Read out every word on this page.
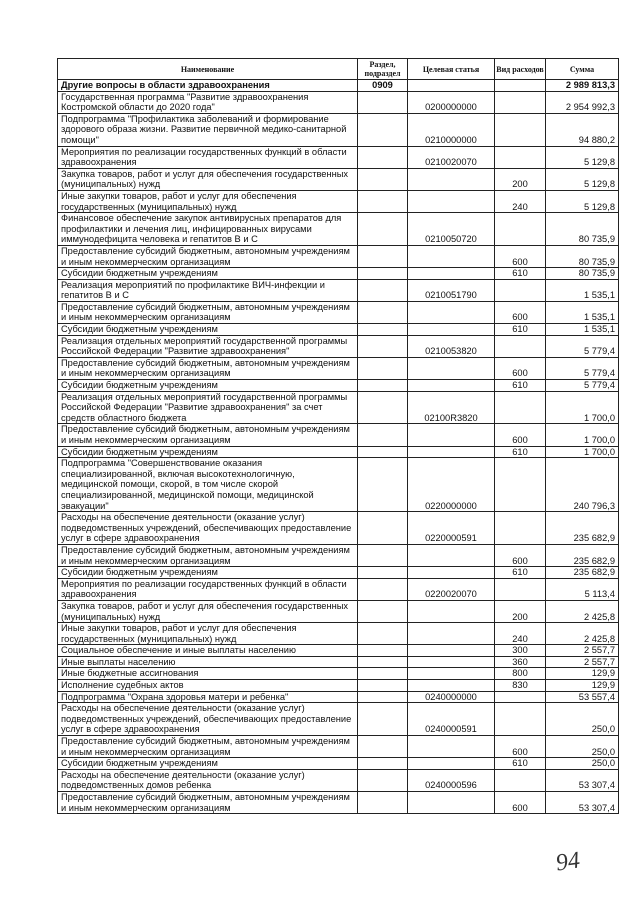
Наименование	Раздел, подраздел	Целевая статья	Вид расходов	Сумма
Другие вопросы в области здравоохранения	0909			2 989 813,3
Государственная программа "Развитие здравоохранения Костромской области до 2020 года"		0200000000		2 954 992,3
Подпрограмма "Профилактика заболеваний и формирование здорового образа жизни. Развитие первичной медико-санитарной помощи"		0210000000		94 880,2
Мероприятия по реализации государственных функций в области здравоохранения		0210020070		5 129,8
Закупка товаров, работ и услуг для обеспечения государственных (муниципальных) нужд			200	5 129,8
Иные закупки товаров, работ и услуг для обеспечения государственных (муниципальных) нужд			240	5 129,8
Финансовое обеспечение закупок антивирусных препаратов для профилактики и лечения лиц, инфицированных вирусами иммунодефицита человека и гепатитов В и С		0210050720		80 735,9
Предоставление субсидий бюджетным, автономным учреждениям и иным некоммерческим организациям			600	80 735,9
Субсидии бюджетным учреждениям			610	80 735,9
Реализация мероприятий по профилактике ВИЧ-инфекции и гепатитов В и С		0210051790		1 535,1
Предоставление субсидий бюджетным, автономным учреждениям и иным некоммерческим организациям			600	1 535,1
Субсидии бюджетным учреждениям			610	1 535,1
Реализация отдельных мероприятий государственной программы Российской Федерации "Развитие здравоохранения"		0210053820		5 779,4
Предоставление субсидий бюджетным, автономным учреждениям и иным некоммерческим организациям			600	5 779,4
Субсидии бюджетным учреждениям			610	5 779,4
Реализация отдельных мероприятий государственной программы Российской Федерации "Развитие здравоохранения" за счет средств областного бюджета		02100R3820		1 700,0
Предоставление субсидий бюджетным, автономным учреждениям и иным некоммерческим организациям			600	1 700,0
Субсидии бюджетным учреждениям			610	1 700,0
Подпрограмма "Совершенствование оказания специализированной, включая высокотехнологичную, медицинской помощи, скорой, в том числе скорой специализированной, медицинской помощи, медицинской эвакуации"		0220000000		240 796,3
Расходы на обеспечение деятельности (оказание услуг) подведомственных учреждений, обеспечивающих предоставление услуг в сфере здравоохранения		0220000591		235 682,9
Предоставление субсидий бюджетным, автономным учреждениям и иным некоммерческим организациям			600	235 682,9
Субсидии бюджетным учреждениям			610	235 682,9
Мероприятия по реализации государственных функций в области здравоохранения		0220020070		5 113,4
Закупка товаров, работ и услуг для обеспечения государственных (муниципальных) нужд			200	2 425,8
Иные закупки товаров, работ и услуг для обеспечения государственных (муниципальных) нужд			240	2 425,8
Социальное обеспечение и иные выплаты населению			300	2 557,7
Иные выплаты населению			360	2 557,7
Иные бюджетные ассигнования			800	129,9
Исполнение судебных актов			830	129,9
Подпрограмма "Охрана здоровья матери и ребенка"		0240000000		53 557,4
Расходы на обеспечение деятельности (оказание услуг) подведомственных учреждений, обеспечивающих предоставление услуг в сфере здравоохранения		0240000591		250,0
Предоставление субсидий бюджетным, автономным учреждениям и иным некоммерческим организациям			600	250,0
Субсидии бюджетным учреждениям			610	250,0
Расходы на обеспечение деятельности (оказание услуг) подведомственных домов ребенка		0240000596		53 307,4
Предоставление субсидий бюджетным, автономным учреждениям и иным некоммерческим организациям			600	53 307,4
94
